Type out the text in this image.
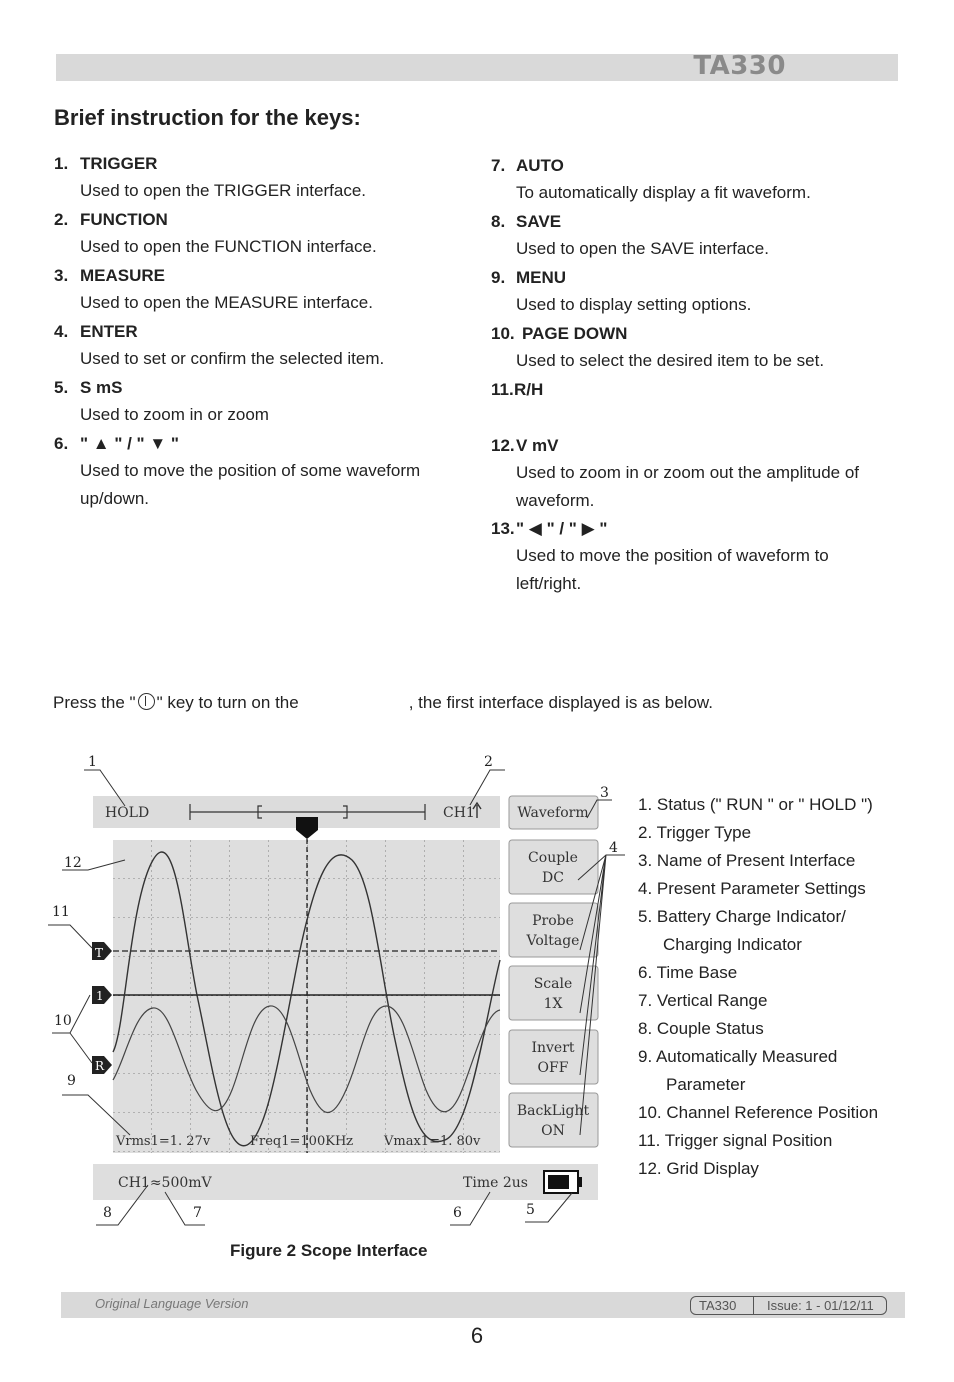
TA330
Brief instruction for the keys:
1. TRIGGER
Used to open the TRIGGER interface.
2. FUNCTION
Used to open the FUNCTION interface.
3. MEASURE
Used to open the MEASURE interface.
4. ENTER
Used to set or confirm the selected item.
5. S mS
Used to zoom in or zoom
6. " ▲ " / " ▼ "
Used to move the position of some waveform up/down.
7. AUTO
To automatically display a fit waveform.
8. SAVE
Used to open the SAVE interface.
9. MENU
Used to display setting options.
10. PAGE DOWN
Used to select the desired item to be set.
11. R/H
12. V mV
Used to zoom in or zoom out the amplitude of waveform.
13. " ◀ " / " ▶ "
Used to move the position of waveform to left/right.
Press the " " key to turn on the	, the first interface displayed is as below.
HOLD	CH1
T
1
R
Vrms1=1. 27v	Freq1=100KHz Vmax1=1. 80v
Waveform
Couple
DC
Probe
Voltage
Scale
1X
Invert
OFF
BackLight
ON
CH1≈500mV	Time 2us
1	2
3
4
5
6
7
8
9
10
11
12
1. Status (" RUN " or " HOLD ")
2. Trigger Type
3. Name of Present Interface
4. Present Parameter Settings
5. Battery Charge Indicator/
Charging Indicator
6. Time Base
7. Vertical Range
8. Couple Status
9. Automatically Measured
Parameter
10. Channel Reference Position
11. Trigger signal Position
12. Grid Display
Figure 2 Scope Interface
Original Language Version	TA330 Issue: 1 - 01/12/11
6
